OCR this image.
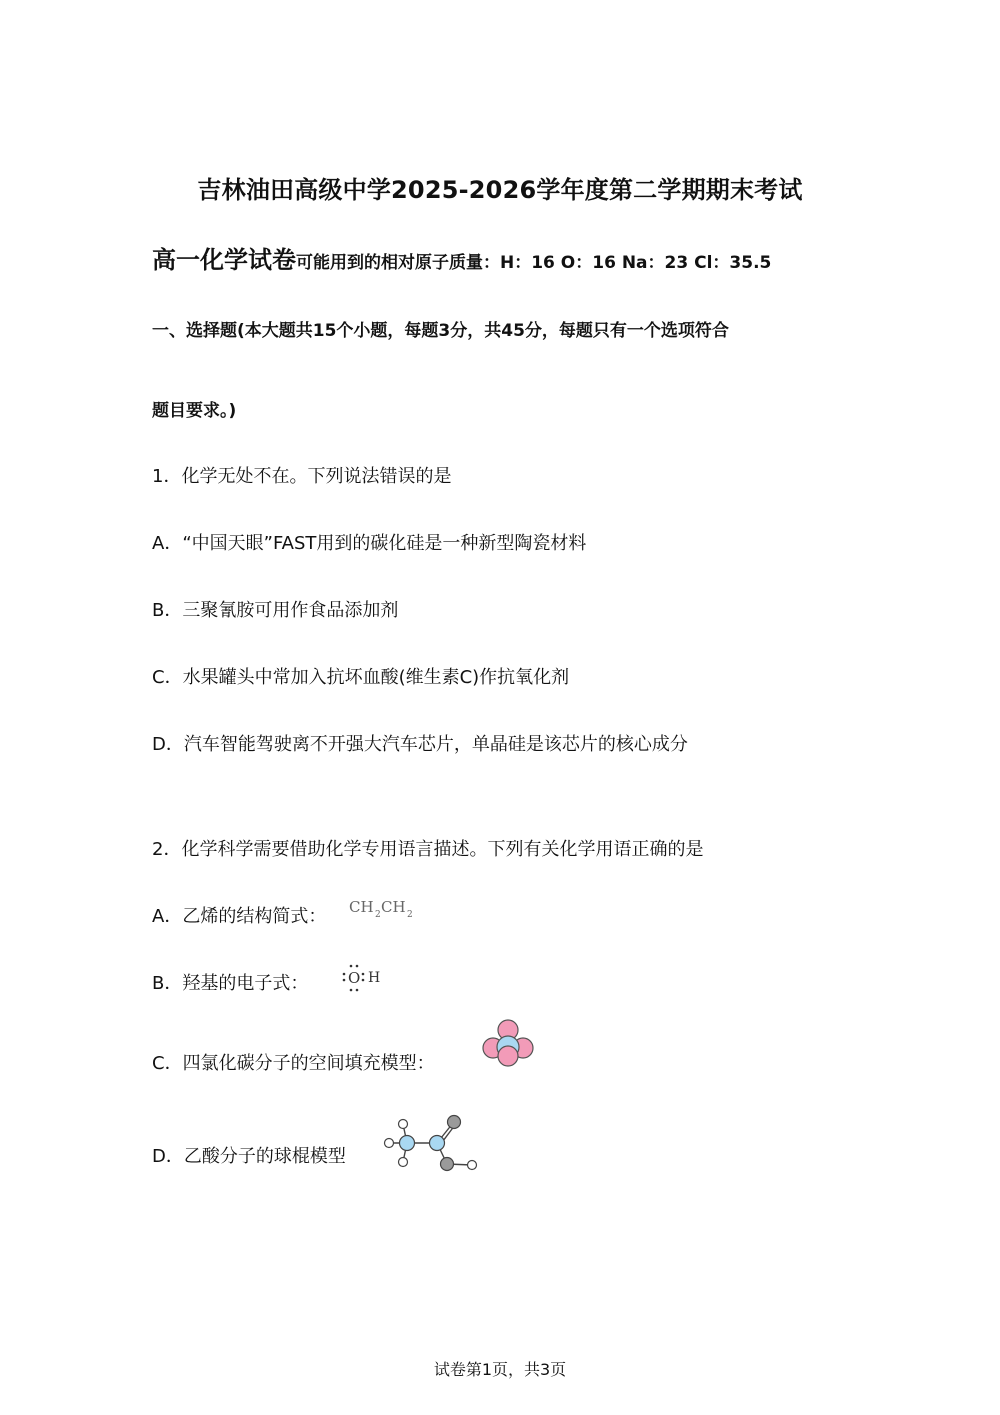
吉林油田高级中学2025-2026学年度第二学期期末考试
高一化学试卷可能用到的相对原子质量：H：16 O：16 Na：23 Cl：35.5
一、选择题(本大题共15个小题，每题3分，共45分，每题只有一个选项符合
题目要求。)
1．化学无处不在。下列说法错误的是
A．“中国天眼”FAST用到的碳化硅是一种新型陶瓷材料
B．三聚氰胺可用作食品添加剂
C．水果罐头中常加入抗坏血酸(维生素C)作抗氧化剂
D．汽车智能驾驶离不开强大汽车芯片，单晶硅是该芯片的核心成分
2．化学科学需要借助化学专用语言描述。下列有关化学用语正确的是
A．乙烯的结构简式： CH 2 CH 2
B．羟基的电子式：	O H
C．四氯化碳分子的空间填充模型：
D．乙酸分子的球棍模型
试卷第1页，共3页
